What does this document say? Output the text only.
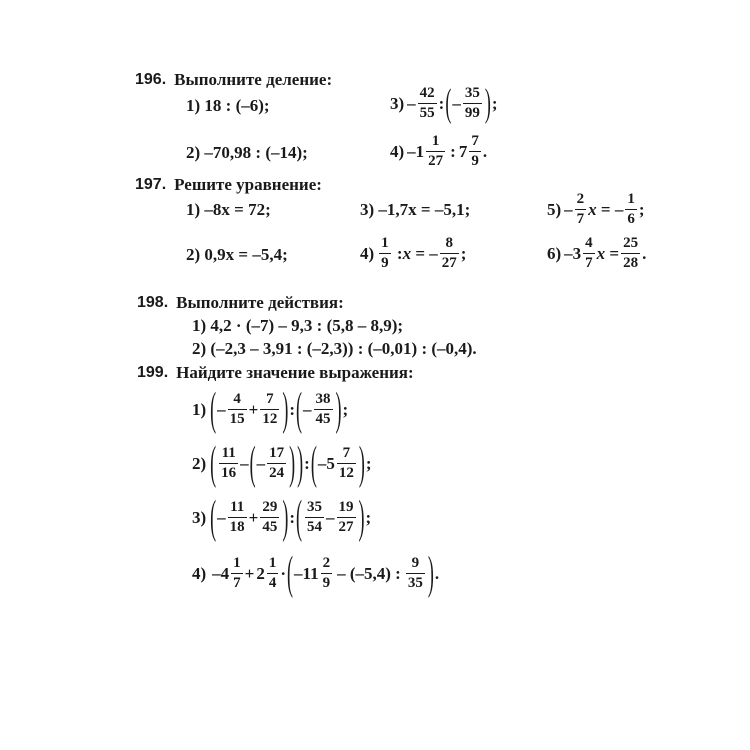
196. Выполните деление:
1) 18 : (–6);	$3) - \frac{42}{55}$ : ( – $\frac{35}{99}$ ) ;
2) –70,98 : (–14);	4) $-1 \frac{1}{27}$ : $7 \frac{7}{9}$ .
197. Решите уравнение:
1) –8x = 72;	3) –1,7x = –5,1;	$5) - \frac{2}{7}$ x = – $\frac{1}{6}$ ;
2) 0,9x = –5,4;	$4) \frac{1}{9}$ : x = – $\frac{8}{27}$ ;	6) $-3 \frac{4}{7}$ $x = \frac{25}{28}$ .
198. Выполните действия:
1) 4,2 · (–7) – 9,3 : (5,8 – 8,9);
2) (–2,3 – 3,91 : (–2,3)) : (–0,01) : (–0,4).
199. Найдите значение выражения:
1) ( – $\frac{4}{15} + \frac{7}{12}$ ) : ( – $\frac{38}{45}$ ) ;
2) ( $\frac{11}{16}$ – ( – $\frac{17}{24}$ ) ) : ( $-5 \frac{7}{12}$ ) ;
3) ( – $\frac{11}{18} + \frac{29}{45}$ ) : ( $\frac{35}{54} - \frac{19}{27}$ ) ;
4) $-4 \frac{1}{7} + 2 \frac{1}{4}$ · ( $-11 \frac{2}{9} - (-5,4)$ : $\frac{9}{35}$ ) .
